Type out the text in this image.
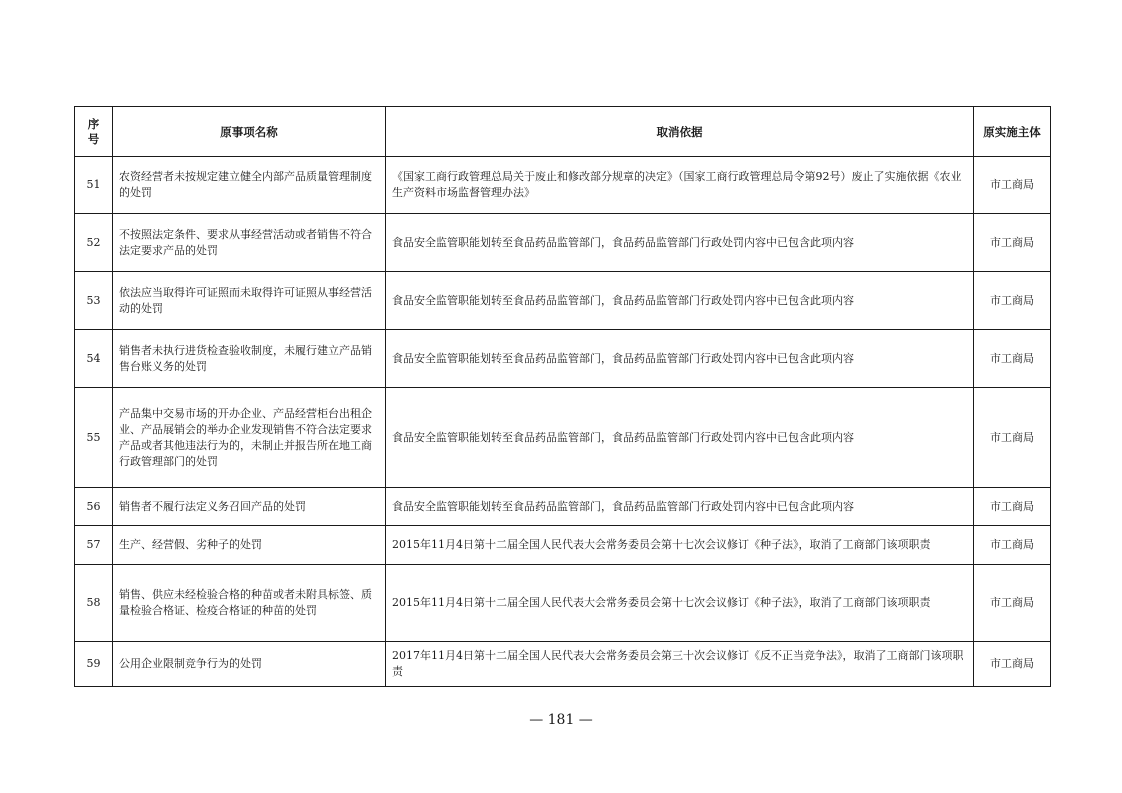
序
号	原事项名称	取消依据	原实施主体
51	农资经营者未按规定建立健全内部产品质量管理制度的处罚	《国家工商行政管理总局关于废止和修改部分规章的决定》（国家工商行政管理总局令第92号）废止了实施依据《农业生产资料市场监督管理办法》	市工商局
52	不按照法定条件、要求从事经营活动或者销售不符合法定要求产品的处罚	食品安全监管职能划转至食品药品监管部门，食品药品监管部门行政处罚内容中已包含此项内容	市工商局
53	依法应当取得许可证照而未取得许可证照从事经营活动的处罚	食品安全监管职能划转至食品药品监管部门，食品药品监管部门行政处罚内容中已包含此项内容	市工商局
54	销售者未执行进货检查验收制度，未履行建立产品销售台账义务的处罚	食品安全监管职能划转至食品药品监管部门，食品药品监管部门行政处罚内容中已包含此项内容	市工商局
55	产品集中交易市场的开办企业、产品经营柜台出租企业、产品展销会的举办企业发现销售不符合法定要求产品或者其他违法行为的，未制止并报告所在地工商行政管理部门的处罚	食品安全监管职能划转至食品药品监管部门，食品药品监管部门行政处罚内容中已包含此项内容	市工商局
56	销售者不履行法定义务召回产品的处罚	食品安全监管职能划转至食品药品监管部门，食品药品监管部门行政处罚内容中已包含此项内容	市工商局
57	生产、经营假、劣种子的处罚	2015年11月4日第十二届全国人民代表大会常务委员会第十七次会议修订《种子法》，取消了工商部门该项职责	市工商局
58	销售、供应未经检验合格的种苗或者未附具标签、质量检验合格证、检疫合格证的种苗的处罚	2015年11月4日第十二届全国人民代表大会常务委员会第十七次会议修订《种子法》，取消了工商部门该项职责	市工商局
59	公用企业限制竞争行为的处罚	2017年11月4日第十二届全国人民代表大会常务委员会第三十次会议修订《反不正当竞争法》，取消了工商部门该项职责	市工商局
— 181 —
